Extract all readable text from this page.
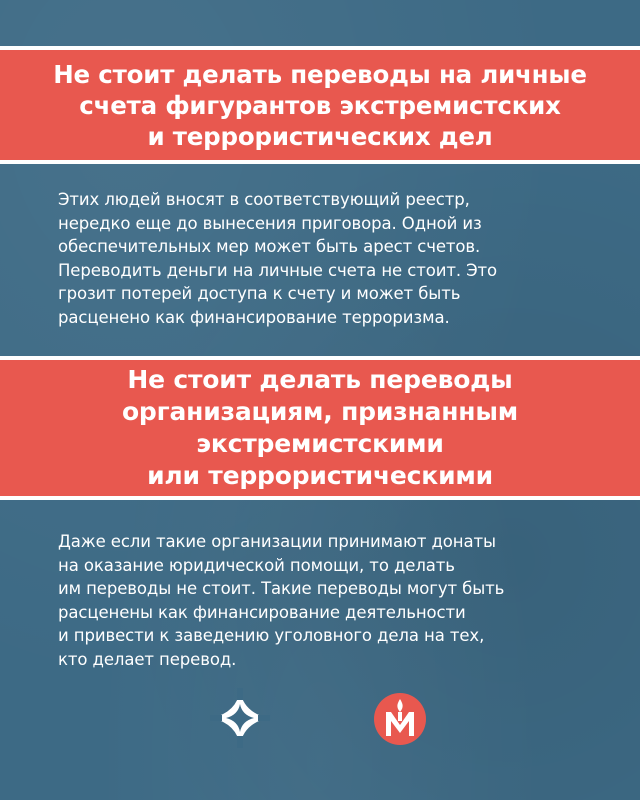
Не стоит делать переводы на личные
счета фигурантов экстремистских
и террористических дел
Этих людей вносят в соответствующий реестр,
нередко еще до вынесения приговора. Одной из
обеспечительных мер может быть арест счетов.
Переводить деньги на личные счета не стоит. Это
грозит потерей доступа к счету и может быть
расценено как финансирование терроризма.
Не стоит делать переводы
организациям, признанным
экстремистскими
или террористическими
Даже если такие организации принимают донаты
на оказание юридической помощи, то делать
им переводы не стоит. Такие переводы могут быть
расценены как финансирование деятельности
и привести к заведению уголовного дела на тех,
кто делает перевод.
